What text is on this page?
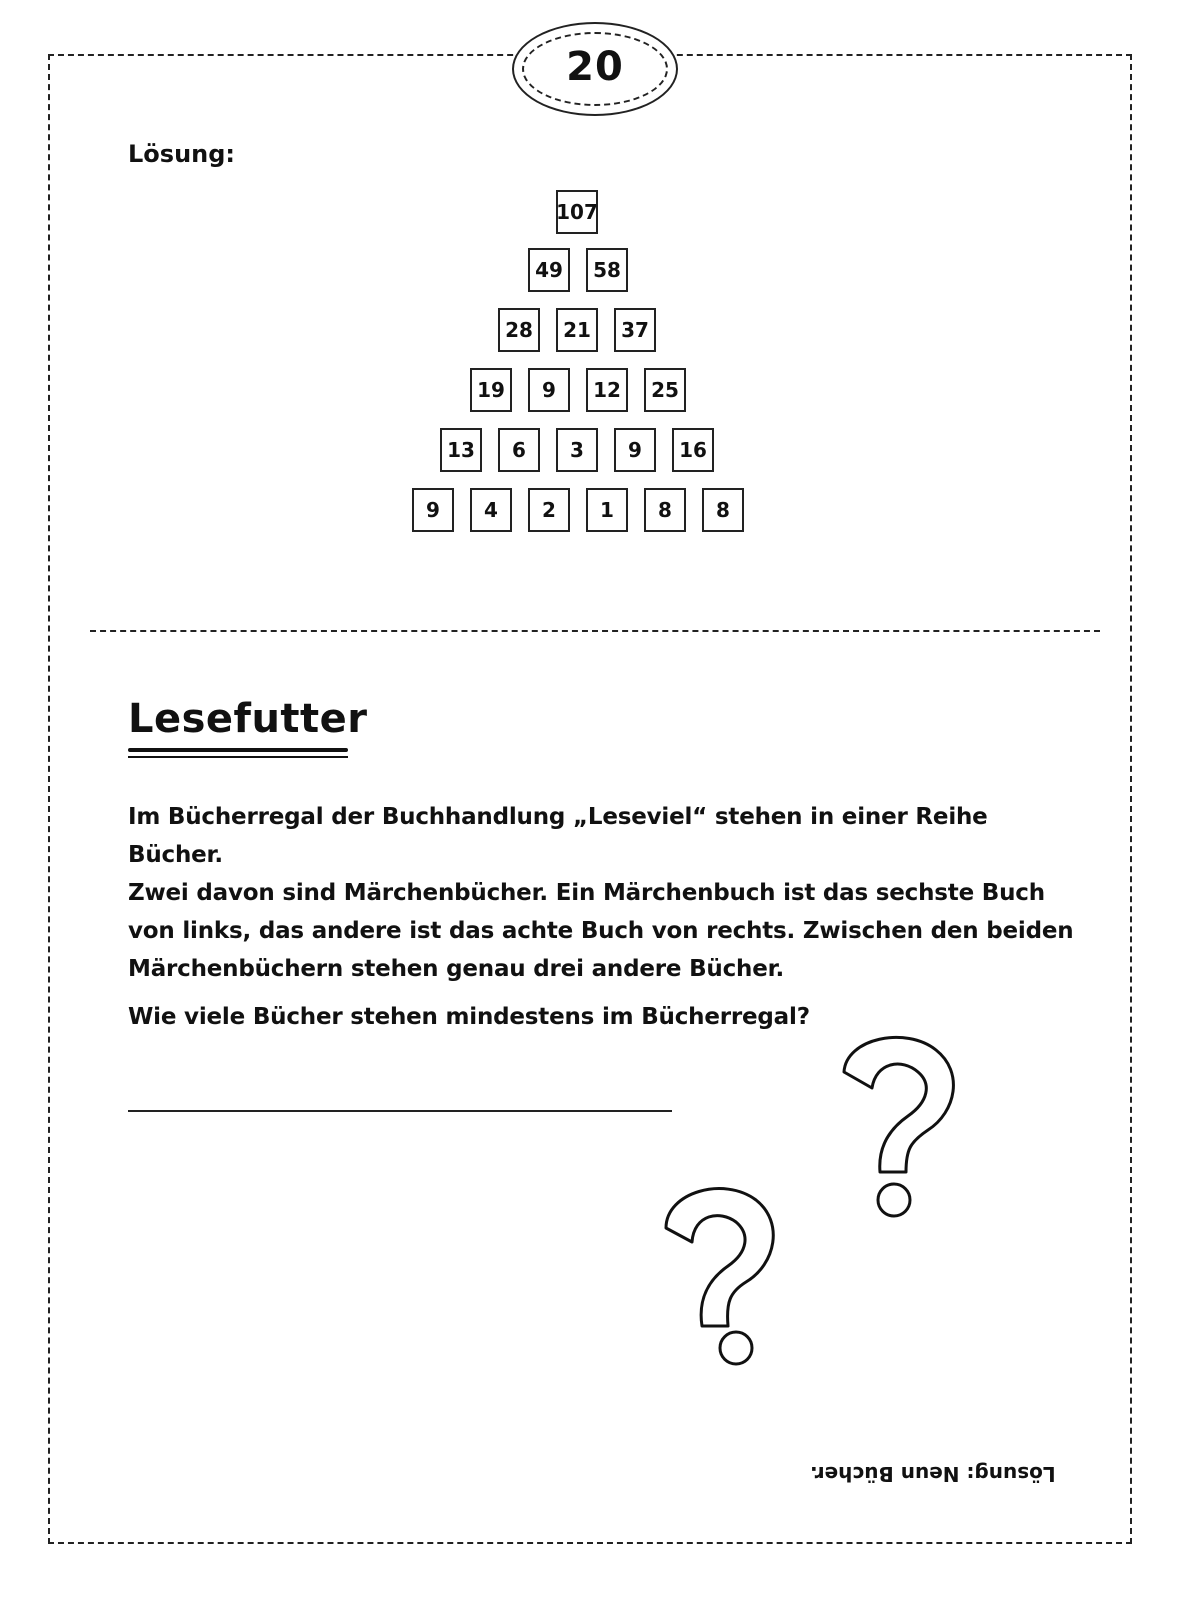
20
Lösung:
107
49	58
28	21	37
19	9	12	25
13	6	3	9	16
9	4	2	1	8	8
Lesefutter
Im Bücherregal der Buchhandlung „Leseviel“ stehen in einer Reihe Bücher.
Zwei davon sind Märchenbücher. Ein Märchenbuch ist das sechste Buch
von links, das andere ist das achte Buch von rechts. Zwischen den beiden
Märchenbüchern stehen genau drei andere Bücher.
Wie viele Bücher stehen mindestens im Bücherregal?
Lösung: Neun Bücher.
